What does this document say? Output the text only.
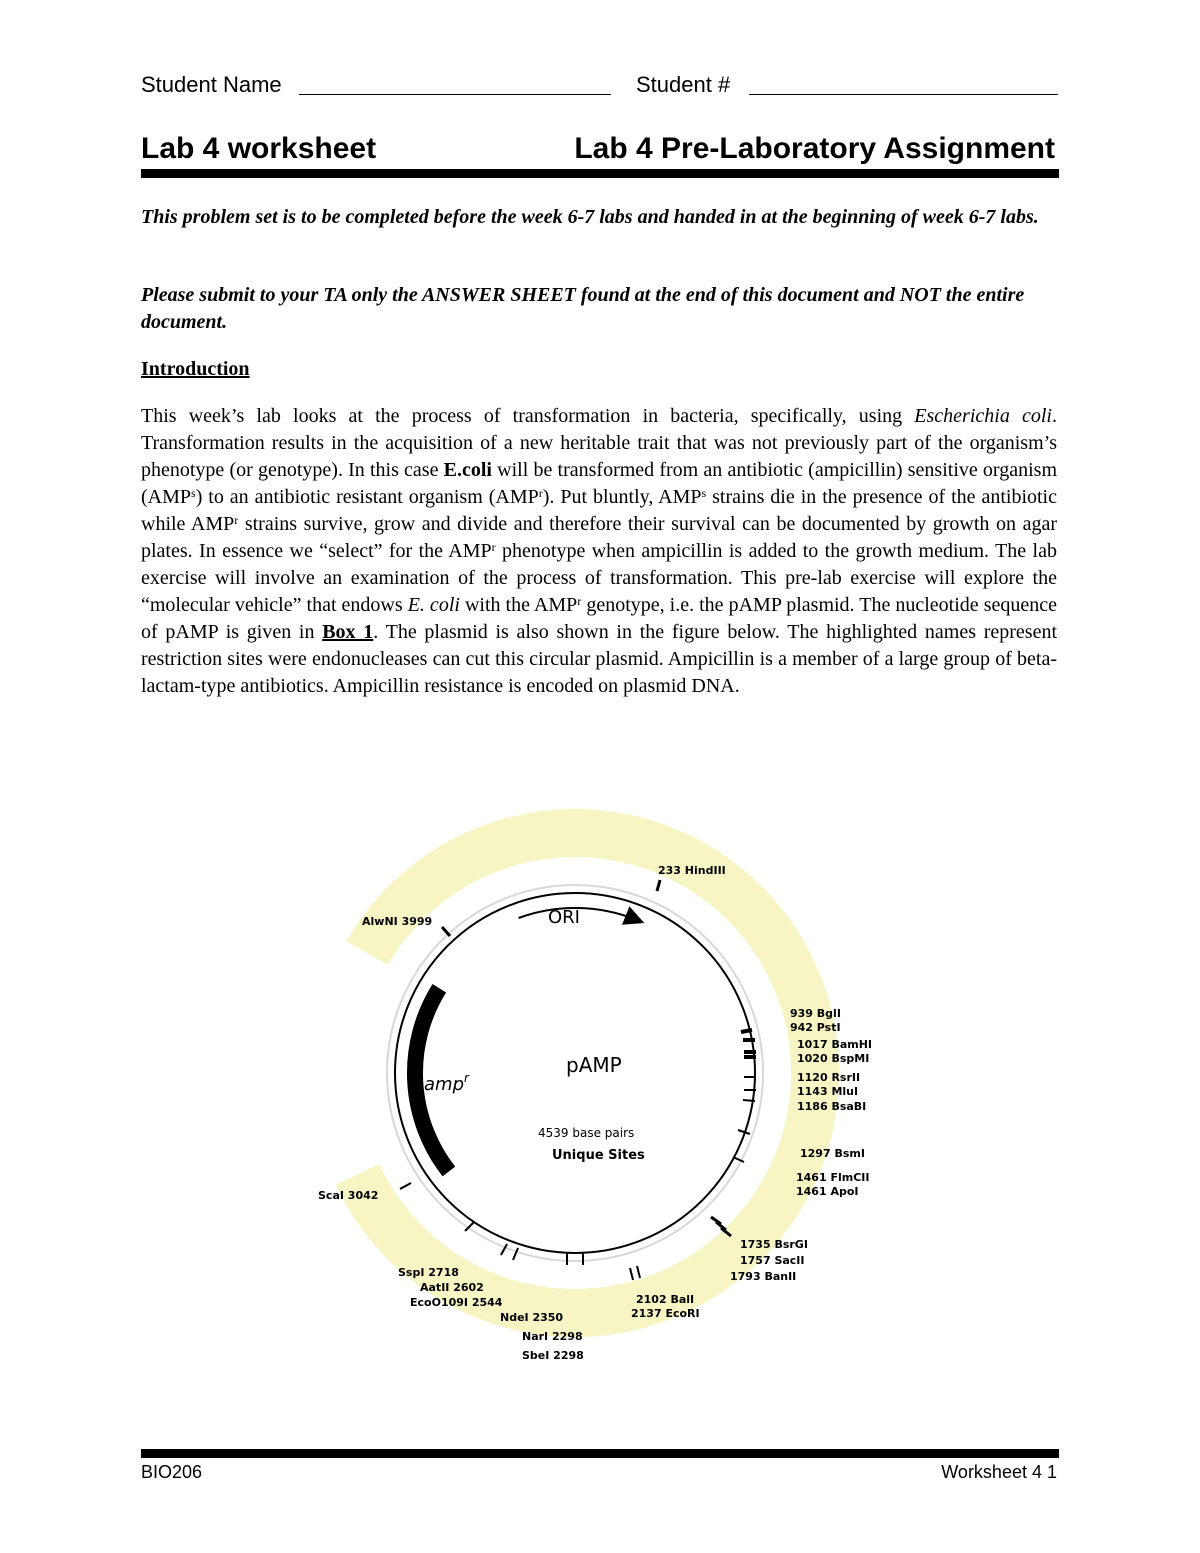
Student Name	Student #
Lab 4 worksheet	Lab 4 Pre-Laboratory Assignment
This problem set is to be completed before the week 6-7 labs and handed in at the beginning of week 6-7 labs.
Please submit to your TA only the ANSWER SHEET found at the end of this document and NOT the entire document.
Introduction
This week’s lab looks at the process of transformation in bacteria, specifically, using Escherichia coli. Transformation results in the acquisition of a new heritable trait that was not previously part of the organism’s phenotype (or genotype). In this case E.coli will be transformed from an antibiotic (ampicillin) sensitive organism (AMP$^s$) to an antibiotic resistant organism (AMP$^r$). Put bluntly, AMP$^s$ strains die in the presence of the antibiotic while AMP$^r$ strains survive, grow and divide and therefore their survival can be documented by growth on agar plates. In essence we “select” for the AMP$^r$ phenotype when ampicillin is added to the growth medium. The lab exercise will involve an examination of the process of transformation. This pre-lab exercise will explore the “molecular vehicle” that endows E. coli with the AMP$^r$ genotype, i.e. the pAMP plasmid. The nucleotide sequence of pAMP is given in Box 1. The plasmid is also shown in the figure below. The highlighted names represent restriction sites were endonucleases can cut this circular plasmid. Ampicillin is a member of a large group of beta-lactam-type antibiotics. Ampicillin resistance is encoded on plasmid DNA.
ORI
amp$^r$
pAMP
4539 base pairs
Unique Sites
233 HindIII
939 BglI
942 PstI
1017 BamHI
1020 BspMI
1120 RsrII
1143 MluI
1186 BsaBI
1297 BsmI
1461 FlmCII
1461 ApoI
1735 BsrGI
1757 SacII
1793 BanII
2102 BalI
2137 EcoRI
NdeI 2350
NarI 2298
SbeI 2298
SspI 2718
AatII 2602
EcoO109I 2544
ScaI 3042
AlwNI 3999
BIO206	Worksheet 4 1
